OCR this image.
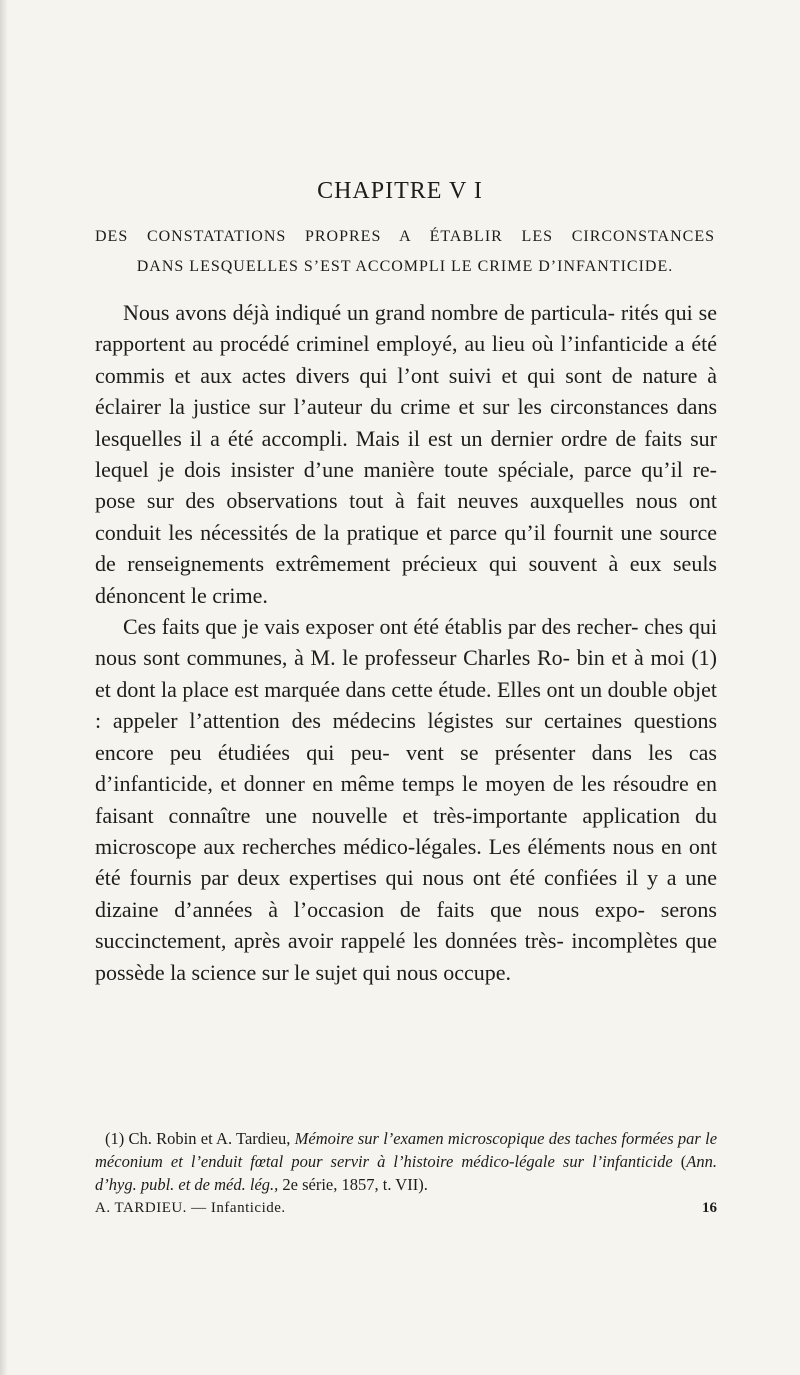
CHAPITRE V I
DES CONSTATATIONS PROPRES A ÉTABLIR LES CIRCONSTANCES
DANS LESQUELLES S’EST ACCOMPLI LE CRIME D’INFANTICIDE.

Nous avons déjà indiqué un grand nombre de particula- rités qui se rapportent au procédé criminel employé, au lieu où l’infanticide a été commis et aux actes divers qui l’ont suivi et qui sont de nature à éclairer la justice sur l’auteur du crime et sur les circonstances dans lesquelles il a été accompli. Mais il est un dernier ordre de faits sur lequel je dois insister d’une manière toute spéciale, parce qu’il re- pose sur des observations tout à fait neuves auxquelles nous ont conduit les nécessités de la pratique et parce qu’il fournit une source de renseignements extrêmement précieux qui souvent à eux seuls dénoncent le crime.

Ces faits que je vais exposer ont été établis par des recher- ches qui nous sont communes, à M. le professeur Charles Ro- bin et à moi (1) et dont la place est marquée dans cette étude. Elles ont un double objet : appeler l’attention des médecins légistes sur certaines questions encore peu étudiées qui peu- vent se présenter dans les cas d’infanticide, et donner en même temps le moyen de les résoudre en faisant connaître une nouvelle et très-importante application du microscope aux recherches médico-légales. Les éléments nous en ont été fournis par deux expertises qui nous ont été confiées il y a une dizaine d’années à l’occasion de faits que nous expo- serons succinctement, après avoir rappelé les données très- incomplètes que possède la science sur le sujet qui nous occupe.

(1) Ch. Robin et A. Tardieu, Mémoire sur l’examen microscopique des taches formées par le méconium et l’enduit fœtal pour servir à l’histoire médico-légale sur l’infanticide (Ann. d’hyg. publ. et de méd. lég., 2e série, 1857, t. VII).
A. TARDIEU. — Infanticide.	16
